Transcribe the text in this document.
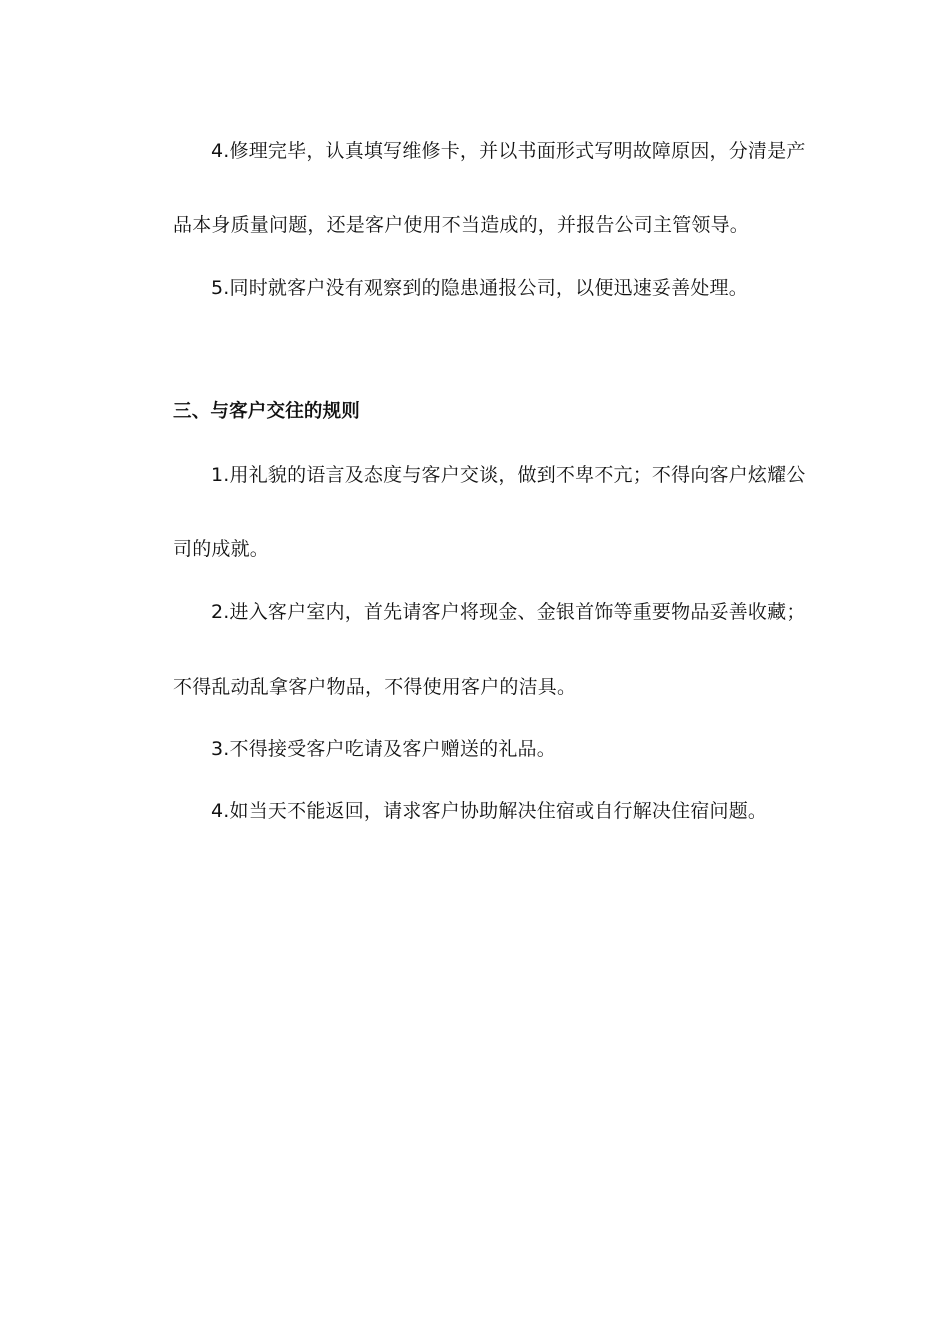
4.修理完毕，认真填写维修卡，并以书面形式写明故障原因，分清是产
品本身质量问题，还是客户使用不当造成的，并报告公司主管领导。
5.同时就客户没有观察到的隐患通报公司，以便迅速妥善处理。
三、与客户交往的规则
1.用礼貌的语言及态度与客户交谈，做到不卑不亢；不得向客户炫耀公
司的成就。
2.进入客户室内，首先请客户将现金、金银首饰等重要物品妥善收藏；
不得乱动乱拿客户物品，不得使用客户的洁具。
3.不得接受客户吃请及客户赠送的礼品。
4.如当天不能返回，请求客户协助解决住宿或自行解决住宿问题。
